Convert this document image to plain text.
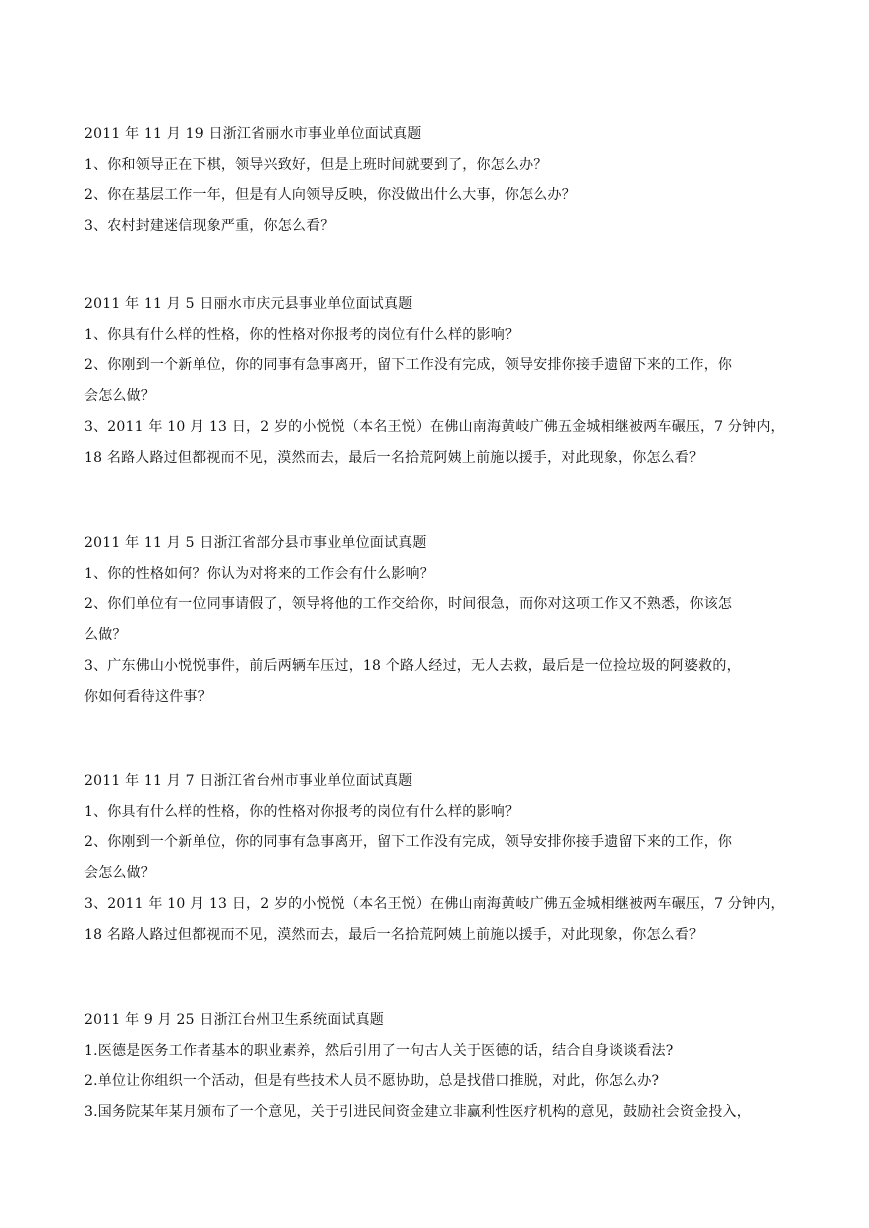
2011 年 11 月 19 日浙江省丽水市事业单位面试真题
1、你和领导正在下棋，领导兴致好，但是上班时间就要到了，你怎么办？
2、你在基层工作一年，但是有人向领导反映，你没做出什么大事，你怎么办？
3、农村封建迷信现象严重，你怎么看？
2011 年 11 月 5 日丽水市庆元县事业单位面试真题
1、你具有什么样的性格，你的性格对你报考的岗位有什么样的影响？
2、你刚到一个新单位，你的同事有急事离开，留下工作没有完成，领导安排你接手遗留下来的工作，你
会怎么做？
3、2011 年 10 月 13 日，2 岁的小悦悦（本名王悦）在佛山南海黄岐广佛五金城相继被两车碾压，7 分钟内，
18 名路人路过但都视而不见，漠然而去，最后一名拾荒阿姨上前施以援手，对此现象，你怎么看？
2011 年 11 月 5 日浙江省部分县市事业单位面试真题
1、你的性格如何？你认为对将来的工作会有什么影响？
2、你们单位有一位同事请假了，领导将他的工作交给你，时间很急，而你对这项工作又不熟悉，你该怎
么做？
3、广东佛山小悦悦事件，前后两辆车压过，18 个路人经过，无人去救，最后是一位捡垃圾的阿婆救的，
你如何看待这件事？
2011 年 11 月 7 日浙江省台州市事业单位面试真题
1、你具有什么样的性格，你的性格对你报考的岗位有什么样的影响？
2、你刚到一个新单位，你的同事有急事离开，留下工作没有完成，领导安排你接手遗留下来的工作，你
会怎么做？
3、2011 年 10 月 13 日，2 岁的小悦悦（本名王悦）在佛山南海黄岐广佛五金城相继被两车碾压，7 分钟内，
18 名路人路过但都视而不见，漠然而去，最后一名拾荒阿姨上前施以援手，对此现象，你怎么看？
2011 年 9 月 25 日浙江台州卫生系统面试真题
1.医德是医务工作者基本的职业素养，然后引用了一句古人关于医德的话，结合自身谈谈看法?
2.单位让你组织一个活动，但是有些技术人员不愿协助，总是找借口推脱，对此，你怎么办?
3.国务院某年某月颁布了一个意见，关于引进民间资金建立非赢利性医疗机构的意见，鼓励社会资金投入，
